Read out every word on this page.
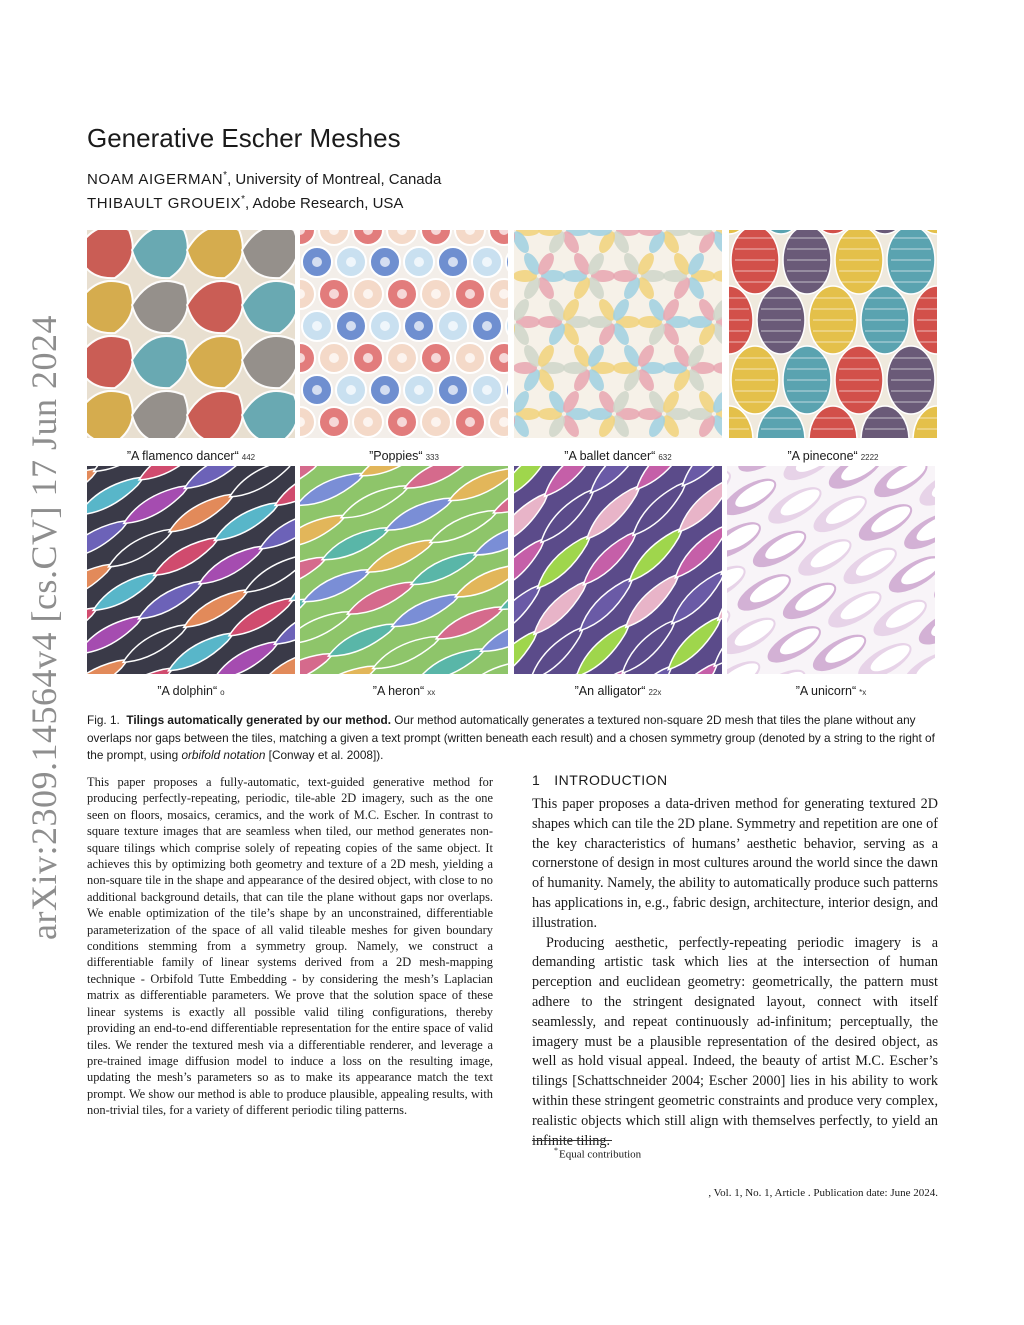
arXiv:2309.14564v4 [cs.CV] 17 Jun 2024
Generative Escher Meshes
NOAM AIGERMAN*, University of Montreal, Canada
THIBAULT GROUEIX*, Adobe Research, USA
”A flamenco dancer“ 442	”Poppies“ 333	”A ballet dancer“ 632	”A pinecone“ 2222
”A dolphin“ o	”A heron“ xx	”An alligator“ 22x	”A unicorn“ *x
Fig. 1. Tilings automatically generated by our method. Our method automatically generates a textured non-square 2D mesh that tiles the plane without any overlaps nor gaps between the tiles, matching a given a text prompt (written beneath each result) and a chosen symmetry group (denoted by a string to the right of the prompt, using orbifold notation [Conway et al. 2008]).
This paper proposes a fully-automatic, text-guided generative method for producing perfectly-repeating, periodic, tile-able 2D imagery, such as the one seen on floors, mosaics, ceramics, and the work of M.C. Escher. In contrast to square texture images that are seamless when tiled, our method generates non-square tilings which comprise solely of repeating copies of the same object. It achieves this by optimizing both geometry and texture of a 2D mesh, yielding a non-square tile in the shape and appearance of the desired object, with close to no additional background details, that can tile the plane without gaps nor overlaps. We enable optimization of the tile’s shape by an unconstrained, differentiable parameterization of the space of all valid tileable meshes for given boundary conditions stemming from a symmetry group. Namely, we construct a differentiable family of linear systems derived from a 2D mesh-mapping technique - Orbifold Tutte Embedding - by considering the mesh’s Laplacian matrix as differentiable parameters. We prove that the solution space of these linear systems is exactly all possible valid tiling configurations, thereby providing an end-to-end differentiable representation for the entire space of valid tiles. We render the textured mesh via a differentiable renderer, and leverage a pre-trained image diffusion model to induce a loss on the resulting image, updating the mesh’s parameters so as to make its appearance match the text prompt. We show our method is able to produce plausible, appealing results, with non-trivial tiles, for a variety of different periodic tiling patterns.
1 INTRODUCTION

This paper proposes a data-driven method for generating textured 2D shapes which can tile the 2D plane. Symmetry and repetition are one of the key characteristics of humans’ aesthetic behavior, serving as a cornerstone of design in most cultures around the world since the dawn of humanity. Namely, the ability to automatically produce such patterns has applications in, e.g., fabric design, architecture, interior design, and illustration.

Producing aesthetic, perfectly-repeating periodic imagery is a demanding artistic task which lies at the intersection of human perception and euclidean geometry: geometrically, the pattern must adhere to the stringent designated layout, connect with itself seamlessly, and repeat continuously ad-infinitum; perceptually, the imagery must be a plausible representation of the desired object, as well as hold visual appeal. Indeed, the beauty of artist M.C. Escher’s tilings [Schattschneider 2004; Escher 2000] lies in his ability to work within these stringent geometric constraints and produce very complex, realistic objects which still align with themselves perfectly, to yield an infinite tiling.

*Equal contribution
, Vol. 1, No. 1, Article . Publication date: June 2024.
